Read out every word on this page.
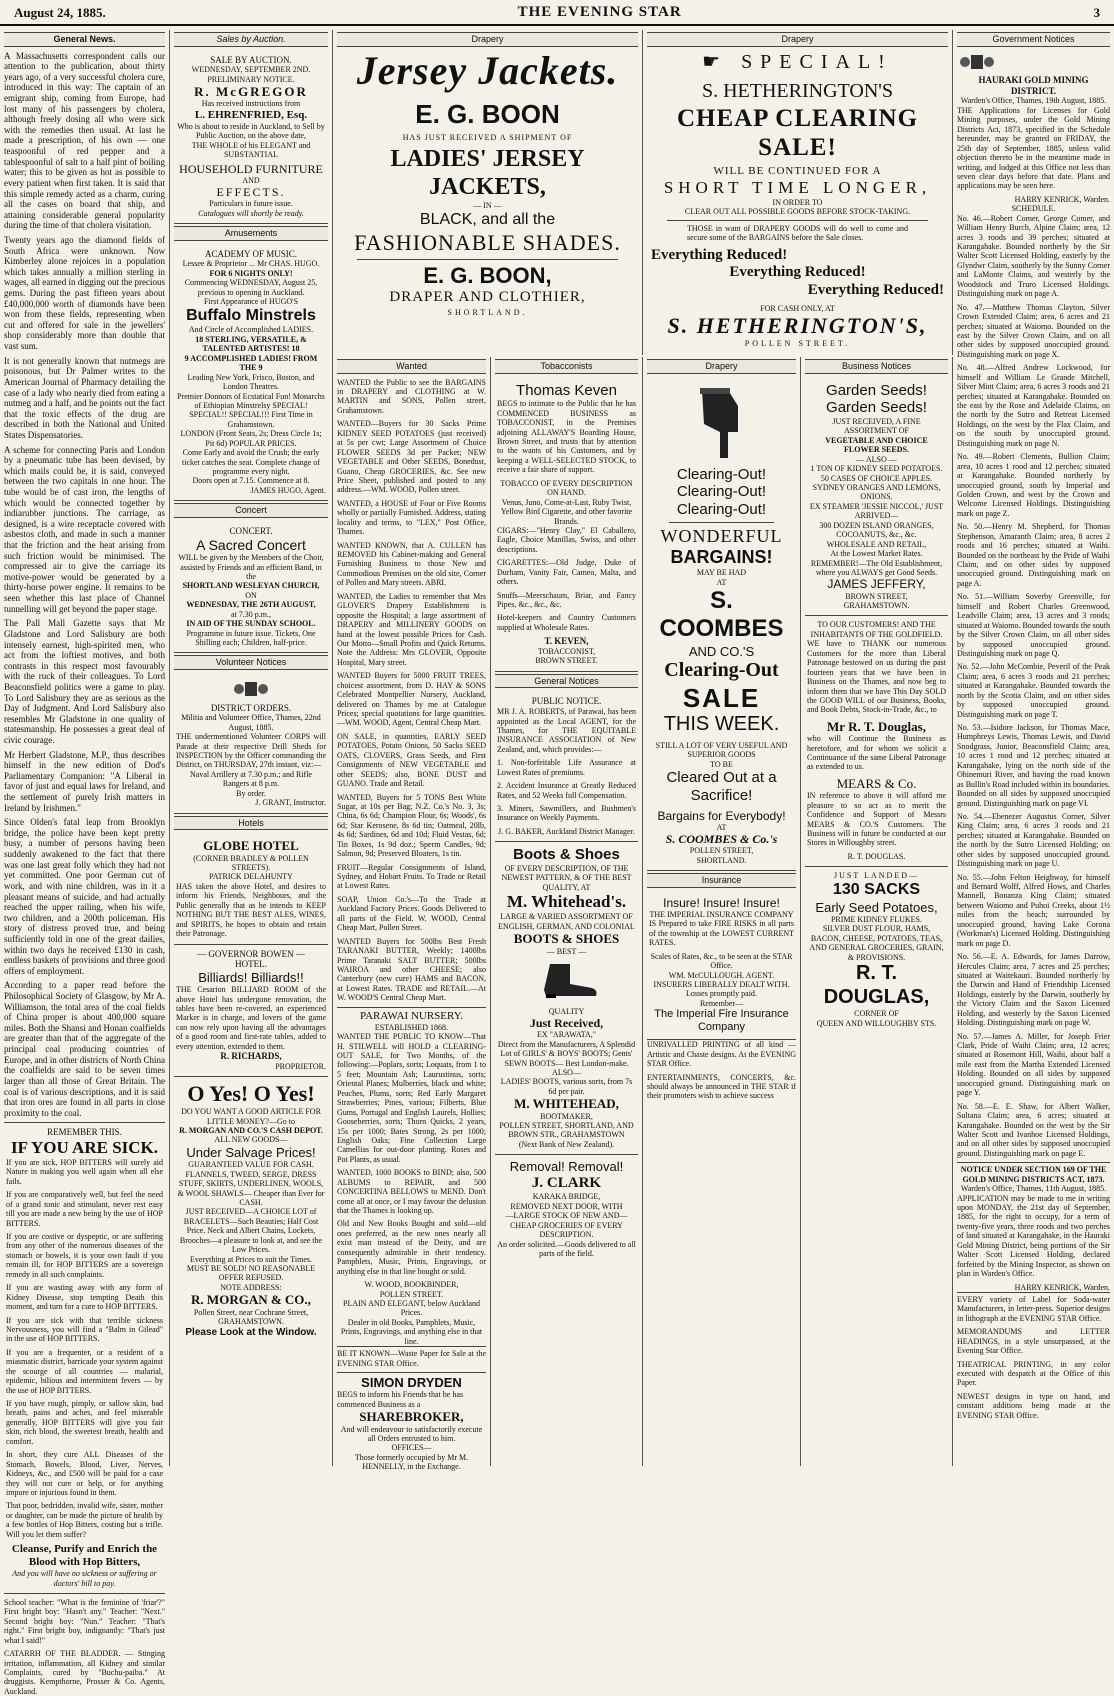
August 24, 1885.	THE EVENING STAR	3
General News.

A Massachusetts correspondent calls our attention to the publication, about thirty years ago, of a very successful cholera cure, introduced in this way: The captain of an emigrant ship, coming from Europe, had lost many of his passengers by cholera, although freely dosing all who were sick with the remedies then usual. At last he made a prescription, of his own — one teaspoonful of red pepper and a tablespoonful of salt to a half pint of boiling water; this to be given as hot as possible to every patient when first taken. It is said that this simple remedy acted as a charm, curing all the cases on board that ship, and attaining considerable general popularity during the time of that cholera visitation.

Twenty years ago the diamond fields of South Africa were unknown. Now Kimberley alone rejoices in a population which takes annually a million sterling in wages, all earned in digging out the precious gems. During the past fifteen years about £40,000,000 worth of diamonds have been won from these fields, representing when cut and offered for sale in the jewellers' shop considerably more than double that vast sum.

It is not generally known that nutmegs are poisonous, but Dr Palmer writes to the American Journal of Pharmacy detailing the case of a lady who nearly died from eating a nutmeg and a half, and he points out the fact that the toxic effects of the drug are described in both the National and United States Dispensatories.

A scheme for connecting Paris and London by a pneumatic tube has been devised, by which mails could be, it is said, conveyed between the two capitals in one hour. The tube would be of cast iron, the lengths of which would be connected together by indiarubber junctions. The carriage, as designed, is a wire receptacle covered with asbestos cloth, and made in such a manner that the friction and the heat arising from such friction would be minimised. The compressed air to give the carriage its motive-power would be generated by a thirty-horse power engine. It remains to be seen whether this last place of Channel tunnelling will get beyond the paper stage.

The Pall Mall Gazette says that Mr Gladstone and Lord Salisbury are both intensely earnest, high-spirited men, who act from the loftiest motives, and both contrasts in this respect most favourably with the ruck of their colleagues. To Lord Beaconsfield politics were a game to play. To Lord Salisbury they are as serious as the Day of Judgment. And Lord Salisbury also resembles Mr Gladstone in one quality of statesmanship. He possesses a great deal of civic courage.

Mr Herbert Gladstone, M.P., thus describes himself in the new edition of Dod's Parliamentary Companion: "A Liberal in favor of just and equal laws for Ireland, and the settlement of purely Irish matters in Ireland by Irishmen."

Since Olden's fatal leap from Brooklyn bridge, the police have been kept pretty busy, a number of persons having been suddenly awakened to the fact that there was one last great folly which they had not yet committed. One poor German cut of work, and with nine children, was in it a pleasant means of suicide, and had actually reached the upper railing, when his wife, two children, and a 200th policeman. His story of distress proved true, and being sufficiently told in one of the great dailies, within two days he received £130 in cash, endless baskets of provisions and three good offers of employment.

According to a paper read before the Philosophical Society of Glasgow, by Mr A. Williamson, the total area of the coal fields of China proper is about 400,000 square miles. Both the Shansi and Honan coalfields are greater than that of the aggregate of the principal coal producing countries of Europe, and in other districts of North China the coalfields are said to be seven times larger than all those of Great Britain. The coal is of various descriptions, and it is said that iron ores are found in all parts in close proximity to the coal.

REMEMBER THIS.
IF YOU ARE SICK.

If you are sick, HOP BITTERS will surely aid Nature in making you well again when all else fails.

If you are comparatively well, but feel the need of a grand tonic and stimulant, never rest easy till you are made a new being by the use of HOP BITTERS.

If you are costive or dyspeptic, or are suffering from any other of the numerous diseases of the stomach or bowels, it is your own fault if you remain ill, for HOP BITTERS are a sovereign remedy in all such complaints.

If you are wasting away with any form of Kidney Disease, stop tempting Death this moment, and turn for a cure to HOP BITTERS.

If you are sick with that terrible sickness Nervousness, you will find a "Balm in Gilead" in the use of HOP BITTERS.

If you are a frequenter, or a resident of a miasmatic district, barricade your system against the scourge of all countries — malarial, epidemic, bilious and intermittent fevers — by the use of HOP BITTERS.

If you have rough, pimply, or sallow skin, bad breath, pains and aches, and feel miserable generally, HOP BITTERS will give you fair skin, rich blood, the sweetest breath, health and comfort.

In short, they cure ALL Diseases of the Stomach, Bowels, Blood, Liver, Nerves, Kidneys, &c., and £500 will be paid for a case they will not cure or help, or for anything impure or injurious found in them.

That poor, bedridden, invalid wife, sister, mother or daughter, can be made the picture of health by a few bottles of Hop Bitters, costing but a trifle. Will you let them suffer?

Cleanse, Purify and Enrich the Blood with Hop Bitters,
And you will have no sickness or suffering or doctors' bill to pay.

School teacher: "What is the feminine of 'friar'?" First bright boy: "Hasn't any." Teacher: "Next." Second bright boy: "Nun." Teacher: "That's right." First bright boy, indignantly: "That's just what I said!"

CATARRH OF THE BLADDER. — Stinging irritation, inflammation, all Kidney and similar Complaints, cured by "Buchu-paiba." At druggists. Kempthorne, Prosser & Co. Agents, Auckland.

Sales by Auction.
SALE BY AUCTION.
WEDNESDAY, SEPTEMBER 2ND.
PRELIMINARY NOTICE.
R. McGREGOR
Has received instructions from
L. EHRENFRIED, Esq.
Who is about to reside in Auckland, to Sell by Public Auction, on the above date,
THE WHOLE of his ELEGANT and SUBSTANTIAL
HOUSEHOLD FURNITURE
AND
EFFECTS.
Particulars in future issue.
Catalogues will shortly be ready.
Amusements
ACADEMY OF MUSIC.
Lessee & Proprietor ... Mr CHAS. HUGO.
FOR 6 NIGHTS ONLY!
Commencing WEDNESDAY, August 25, previous to opening in Auckland.
First Appearance of HUGO'S
Buffalo Minstrels
And Circle of Accomplished LADIES.
18 STERLING, VERSATILE, & TALENTED ARTISTES! 18
9 ACCOMPLISHED LADIES! FROM THE 9
Leading New York, Frisco, Boston, and London Theatres.
Premier Donnors of Ecstatical Fun! Monarchs of Ethiopian Minstrelsy SPECIAL! SPECIAL!! SPECIAL!!! First Time in Grahamstown.
LONDON (Front Seats, 2s; Dress Circle 1s; Pit 6d) POPULAR PRICES.
Come Early and avoid the Crush; the early ticket catches the seat. Complete change of programme every night.
Doors open at 7.15. Commence at 8.
JAMES HUGO, Agent.
Concert
CONCERT.
A Sacred Concert
WILL be given by the Members of the Choir, assisted by Friends and an efficient Band, in the
SHORTLAND WESLEYAN CHURCH,
ON
WEDNESDAY, THE 26TH AUGUST,
at 7.30 p.m.,
IN AID OF THE SUNDAY SCHOOL.
Programme in future issue. Tickets, One Shilling each; Children, half-price.
Volunteer Notices
DISTRICT ORDERS.
Militia and Volunteer Office, Thames, 22nd August, 1885.
THE undermentioned Volunteer CORPS will Parade at their respective Drill Sheds for INSPECTION by the Officer commanding the District, on THURSDAY, 27th instant, viz:—
Naval Artillery at 7.30 p.m.; and Rifle Rangers at 8 p.m.
By order.
J. GRANT, Instructor.
Hotels
GLOBE HOTEL
(CORNER BRADLEY & POLLEN STREETS).
PATRICK DELAHUNTY
HAS taken the above Hotel, and desires to inform his Friends, Neighbours, and the Public generally that as he intends to KEEP NOTHING BUT THE BEST ALES, WINES, and SPIRITS, he hopes to obtain and retain their Patronage.
— GOVERNOR BOWEN —
HOTEL.
Billiards! Billiards!!
THE Cesarion BILLIARD ROOM of the above Hotel has undergone renovation, the tables have been re-covered, an experienced Marker is in charge, and lovers of the game can now rely upon having all the advantages of a good room and first-rate tables, added to every attention, extended to them.
R. RICHARDS,
PROPRIETOR.
O Yes! O Yes!
DO YOU WANT A GOOD ARTICLE FOR LITTLE MONEY?—Go to
R. MORGAN AND CO.'S CASH DEPOT.
ALL NEW GOODS—
Under Salvage Prices!
GUARANTEED VALUE FOR CASH.
FLANNELS, TWEED, SERGE, DRESS STUFF, SKIRTS, UNDERLINEN, WOOLS, & WOOL SHAWLS— Cheaper than Ever for CASH.
JUST RECEIVED—A CHOICE LOT of BRACELETS—Such Beauties; Half Cost Price. Neck and Albert Chains, Lockets, Brooches—a pleasure to look at, and see the Low Prices.
Everything at Prices to suit the Times.
MUST BE SOLD! NO REASONABLE OFFER REFUSED.
NOTE ADDRESS:
R. MORGAN & CO.,
Pollen Street, near Cochrane Street, GRAHAMSTOWN.
Please Look at the Window.
Drapery
Jersey Jackets.
E. G. BOON
HAS JUST RECEIVED A SHIPMENT OF
LADIES' JERSEY JACKETS,
— IN —
BLACK, and all the
FASHIONABLE SHADES.
E. G. BOON,
DRAPER AND CLOTHIER,
SHORTLAND.
Wanted

WANTED the Public to see the BARGAINS in DRAPERY and CLOTHING at W. MARTIN and SONS, Pollen street, Grahamstown.

WANTED—Buyers for 30 Sacks Prime KIDNEY SEED POTATOES (just received) at 5s per cwt; Large Assortment of Choice FLOWER SEEDS 3d per Packet; NEW VEGETABLE and Other SEEDS, Bonedust, Guano, Cheap GROCERIES, &c. See new Price Sheet, published and posted to any address.—WM. WOOD, Pollen street.

WANTED, a HOUSE of Four or Five Rooms wholly or partially Furnished. Address, stating locality and terms, to "LEX," Post Office, Thames.

WANTED KNOWN, that A. CULLEN has REMOVED his Cabinet-making and General Furnishing Business to those New and Commodious Premises on the old site, Corner of Pollen and Mary streets. ABRI.

WANTED, the Ladies to remember that Mrs GLOVER'S Drapery Establishment is opposite the Hospital; a large assortment of DRAPERY and MILLINERY GOODS on hand at the lowest possible Prices for Cash. Our Motto—Small Profits and Quick Returns. Note the Address: Mrs GLOVER, Opposite Hospital, Mary street.

WANTED Buyers for 5000 FRUIT TREES, choicest assortment, from D. HAY & SONS Celebrated Montpellier Nursery, Auckland, delivered on Thames by me at Catalogue Prices; special quotations for large quantities.—WM. WOOD, Agent, Central Cheap Mart.

ON SALE, in quantities, EARLY SEED POTATOES, Potato Onions, 50 Sacks SEED OATS, CLOVERS, Grass Seeds, and First Consignments of NEW VEGETABLE and other SEEDS; also, BONE DUST and GUANO. Trade and Retail.

WANTED, Buyers for 5 TONS Best White Sugar, at 10s per Bag; N.Z. Co.'s No. 3, 3s; China, 6s 6d; Champion Flour, 6s; Woods', 6s 6d; Star Kerosene, 8s 6d tin; Oatmeal, 20lb, 4s 6d; Sardines, 6d and 10d; Fluid Vestas, 6d; Tin Boxes, 1s 9d doz.; Sperm Candles, 9d; Salmon, 9d; Preserved Bloaters, 1s tin.

FRUIT—Regular Consignments of Island, Sydney, and Hobart Fruits. To Trade or Retail at Lowest Rates.

SOAP, Union Co.'s—To the Trade at Auckland Factory Prices. Goods Delivered to all parts of the Field. W. WOOD, Central Cheap Mart, Pollen Street.

WANTED Buyers for 500lbs Best Fresh TARANAKI BUTTER, Weekly; 1400lbs Prime Taranaki SALT BUTTER; 500lbs WAIROA and other CHEESE; also Canterbury (new cure) HAMS and BACON, at Lowest Rates. TRADE and RETAIL.—At W. WOOD'S Central Cheap Mart.

PARAWAI NURSERY.
ESTABLISHED 1868.

WANTED THE PUBLIC TO KNOW—That H. STILWELL will HOLD a CLEARING-OUT SALE, for Two Months, of the following:—Poplars, sorts; Loquats, from 1 to 5 feet; Mountain Ash; Laurustinus, sorts; Oriental Planes; Mulberries, black and white; Peaches, Plums, sorts; Red Early Margaret Strawberries; Pines, various; Filberts, Blue Gums, Portugal and English Laurels, Hollies; Gooseberries, sorts; Thorn Quicks, 2 years, 15s per 1000; Bates Strong, 2s per 1000; English Oaks; Fine Collection Large Camellias for out-door planting. Roses and Pot Plants, as usual.

WANTED, 1000 BOOKS to BIND; also, 500 ALBUMS to REPAIR, and 500 CONCERTINA BELLOWS to MEND. Don't come all at once, or I may favour the delusion that the Thames is looking up.

Old and New Books Bought and sold—old ones preferred, as the new ones nearly all exist man instead of the Deity, and are consequently admirable in their tendency. Pamphlets, Music, Prints, Engravings, or anything else in that line bought or sold.

W. WOOD, BOOKBINDER,
POLLEN STREET.
PLAIN AND ELEGANT, below Auckland Prices.
Dealer in old Books, Pamphlets, Music, Prints, Engravings, and anything else in that line.

BE IT KNOWN—Waste Paper for Sale at the EVENING STAR Office.

SIMON DRYDEN
BEGS to inform his Friends that he has commenced Business as a
SHAREBROKER,
And will endeavour to satisfactorily execute all Orders entrusted to him.
OFFICES—
Those formerly occupied by Mr M. HENNELLY, in the Exchange.
Tobacconists
Thomas Keven

BEGS to intimate to the Public that he has COMMENCED BUSINESS as TOBACCONIST, in the Premises adjoining ALLAWAY'S Boarding House, Brown Street, and trusts that by attention to the wants of his Customers, and by keeping a WELL-SELECTED STOCK, to receive a fair share of support.

TOBACCO OF EVERY DESCRIPTION ON HAND.
Venus, Juno, Come-at-Last, Ruby Twist, Yellow Bird Cigarette, and other favorite Brands.

CIGARS:—"Henry Clay," El Caballero, Eagle, Choice Manillas, Swiss, and other descriptions.

CIGARETTES:—Old Judge, Duke of Durham, Vanity Fair, Cameo, Malta, and others.

Snuffs—Meerschaum, Briar, and Fancy Pipes, &c., &c., &c.

Hotel-keepers and Country Customers supplied at Wholesale Rates.

T. KEVEN,
TOBACCONIST,
BROWN STREET.
General Notices
PUBLIC NOTICE.

MR J. A. ROBERTS, of Parawai, has been appointed as the Local AGENT, for the Thames, for THE EQUITABLE INSURANCE ASSOCIATION of New Zealand, and, which provides:—

1. Non-forfeitable Life Assurance at Lowest Rates of premiums.

2. Accident Insurance at Greatly Reduced Rates, and 52 Weeks full Compensation.

3. Miners, Sawmillers, and Bushmen's Insurance on Weekly Payments.

J. G. BAKER, Auckland District Manager.
Boots & Shoes
OF EVERY DESCRIPTION, OF THE NEWEST PATTERN, & OF THE BEST QUALITY, AT
M. Whitehead's.
LARGE & VARIED ASSORTMENT OF ENGLISH, GERMAN, AND COLONIAL
BOOTS & SHOES
— BEST —
QUALITY
Just Received,
EX "ARAWATA,"
Direct from the Manufacturers, A Splendid Lot of GIRLS' & BOYS' BOOTS; Gents' SEWN BOOTS— Best London-make.
ALSO—
LADIES' BOOTS, various sorts, from 7s 6d per pair.
M. WHITEHEAD,
BOOTMAKER,
POLLEN STREET, SHORTLAND, AND BROWN STR., GRAHAMSTOWN
(Next Bank of New Zealand).
Removal! Removal!
J. CLARK
KARAKA BRIDGE,
REMOVED NEXT DOOR, WITH
—LARGE STOCK OF NEW AND— CHEAP GROCERIES OF EVERY DESCRIPTION.
An order solicited.—Goods delivered to all parts of the field.
Drapery
☛ SPECIAL!
S. HETHERINGTON'S
CHEAP CLEARING SALE!
WILL BE CONTINUED FOR A
SHORT TIME LONGER,
IN ORDER TO
CLEAR OUT ALL POSSIBLE GOODS BEFORE STOCK-TAKING.
THOSE in want of DRAPERY GOODS will do well to come and secure some of the BARGAINS before the Sale closes.
Everything Reduced!
Everything Reduced!
Everything Reduced!
FOR CASH ONLY, AT
S. HETHERINGTON'S,
POLLEN STREET.
Drapery
Clearing-Out!
Clearing-Out!
Clearing-Out!
WONDERFUL
BARGAINS!
MAY BE HAD
AT
S. COOMBES
AND CO.'S
Clearing-Out
SALE
THIS WEEK.
STILL A LOT OF VERY USEFUL AND SUPERIOR GOODS
TO BE
Cleared Out at a Sacrifice!
Bargains for Everybody!
AT
S. COOMBES & Co.'s
POLLEN STREET,
SHORTLAND.
Insurance
Insure! Insure! Insure!
THE IMPERIAL INSURANCE COMPANY

IS Prepared to take FIRE RISKS in all parts of the township at the LOWEST CURRENT RATES.

Scales of Rates, &c., to be seen at the STAR Office.
WM. McCULLOUGH. AGENT.
INSURERS LIBERALLY DEALT WITH. Losses promptly paid.
Remember—
The Imperial Fire Insurance Company

UNRIVALLED PRINTING of all kind — Artistic and Chaste designs. At the EVENING STAR Office.

ENTERTAINMENTS, CONCERTS, &c. should always be announced in THE STAR if their promoters wish to achieve success

Business Notices
Garden Seeds!
Garden Seeds!
JUST RECEIVED, A FINE ASSORTMENT OF
VEGETABLE AND CHOICE FLOWER SEEDS.
— ALSO —
1 TON OF KIDNEY SEED POTATOES.
50 CASES OF CHOICE APPLES.
SYDNEY ORANGES AND LEMONS, ONIONS.
EX STEAMER 'JESSIE NICCOL,' JUST ARRIVED—
300 DOZEN ISLAND ORANGES, COCOANUTS, &c., &c.
WHOLESALE AND RETAIL,
At the Lowest Market Rates.
REMEMBER!—The Old Establishment, where you ALWAYS get Good Seeds.
JAMES JEFFERY,
BROWN STREET,
GRAHAMSTOWN.
TO OUR CUSTOMERS! AND THE INHABITANTS OF THE GOLDFIELD.

WE have to THANK our numerous Customers for the more than Liberal Patronage bestowed on us during the past fourteen years that we have been in Business on the Thames, and now beg to inform them that we have This Day SOLD the GOOD WILL of our Business, Books, and Book Debts, Stock-in-Trade, &c., to

Mr R. T. Douglas,

who will Continue the Business as heretofore, and for whom we solicit a Continuance of the same Liberal Patronage as extended to us.

MEARS & Co.

IN reference to above it will afford me pleasure to so act as to merit the Confidence and Support of Messrs MEARS & CO.'S Customers. The Business will in future be conducted at our Stores in Willoughby street.

R. T. DOUGLAS.
JUST LANDED—
130 SACKS
Early Seed Potatoes,
PRIME KIDNEY FLUKES.
SILVER DUST FLOUR, HAMS, BACON, CHEESE, POTATOES, TEAS,
AND GENERAL GROCERIES, GRAIN, & PROVISIONS.
R. T. DOUGLAS,
CORNER OF
QUEEN AND WILLOUGHBY STS.
Government Notices
HAURAKI GOLD MINING DISTRICT.
Warden's Office, Thames, 19th August, 1885.

THE Applications for Licenses for Gold Mining purposes, under the Gold Mining Districts Act, 1873, specified in the Schedule hereunder, may be granted on FRIDAY, the 25th day of September, 1885, unless valid objection thereto be in the meantime made in writing, and lodged at this Office not less than seven clear days before that date. Plans and applications may be seen here.

HARRY KENRICK, Warden.
SCHEDULE.

No. 46.—Robert Comer, George Comer, and William Henry Burch, Alpine Claim; area, 12 acres 3 roods and 39 perches; situated at Karangahake. Bounded northerly by the Sir Walter Scott Licensed Holding, easterly by the Glyndwr Claim, southerly by the Sunny Corner and LaMonte Claims, and westerly by the Woodstock and Truro Licensed Holdings. Distinguishing mark on page A.

No. 47.—Matthew Thomas Clayton, Silver Crown Extended Claim; area, 6 acres and 21 perches; situated at Waiomo. Bounded on the east by the Silver Crown Claim, and on all other sides by supposed unoccupied ground. Distinguishing mark on page X.

No. 48.—Alfred Andrew Lockwood, for himself and William Le Grande Mitchell, Silver Mint Claim; area, 6 acres 3 roods and 21 perches; situated at Karangahake. Bounded on the east by the Rose and Adelaide Claims, on the north by the Sutro and Retreat Licensed Holdings, on the west by the Flax Claim, and on the south by unoccupied ground. Distinguishing mark on page N.

No. 49.—Robert Clements, Bullion Claim; area, 10 acres 1 rood and 12 perches; situated at Karangahake. Bounded northerly by unoccupied ground, south by Imperial and Golden Crown, and west by the Crown and Welcome Licensed Holdings. Distinguishing mark on page Z.

No. 50.—Henry M. Shepherd, for Thomas Stephenson, Amaranth Claim; area, 8 acres 2 roods and 16 perches; situated at Waihi. Bounded on the northeast by the Pride of Waihi Claim, and on other sides by supposed unoccupied ground. Distinguishing mark on page A.

No. 51.—William Soverby Greenville, for himself and Robert Charles Greenwood, Leadville Claim; area, 13 acres and 3 roods; situated at Waiomo. Bounded towards the south by the Silver Crown Claim, on all other sides by supposed unoccupied ground. Distinguishing mark on page Q.

No. 52.—John McCombie, Peveril of the Peak Claim; area, 6 acres 3 roods and 21 perches; situated at Karangahake. Bounded towards the north by the Scotia Claim, and on other sides by supposed unoccupied ground. Distinguishing mark on page T.

No. 53.—Isidore Jackson, for Thomas Mace, Humphreys Lewis, Thomas Lewis, and David Snodgrass, Junior, Beaconsfield Claim; area, 10 acres 1 rood and 12 perches; situated at Karangahake, lying on the north side of the Ohinemuri River, and having the road known as Bullin's Road included within its boundaries. Bounded on all sides by supposed unoccupied ground. Distinguishing mark on page VI.

No. 54.—Ebenezer Augustus Corner, Silver King Claim; area, 6 acres 3 roods and 21 perches; situated at Karangahake. Bounded on the north by the Sutro Licensed Holding; on other sides by supposed unoccupied ground. Distinguishing mark on page U.

No. 55.—John Felton Heighway, for himself and Bernard Wolff, Alfred Hows, and Charles Mannell, Bonanza King Claim; situated between Waiomo and Puhoi Creeks, about 1½ miles from the beach; surrounded by unoccupied ground, having Lake Corona (Workman's) Licensed Holding. Distinguishing mark on page D.

No. 56.—E. A. Edwards, for James Darrow, Hercules Claim; area, 7 acres and 25 perches; situated at Waitekauri. Bounded northerly by the Darwin and Hand of Friendship Licensed Holdings, easterly by the Darwin, southerly by the Victory Claim and the Saxon Licensed Holding, and westerly by the Saxon Licensed Holding. Distinguishing mark on page W.

No. 57.—James A. Miller, for Joseph Frier Clark, Pride of Waihi Claim; area, 12 acres; situated at Rosemont Hill, Waihi, about half a mile east from the Martha Extended Licensed Holding. Bounded on all sides by supposed unoccupied ground. Distinguishing mark on page Y.

No. 58.—E. E. Shaw, for Albert Walker, Sultana Claim; area, 6 acres; situated at Karangahake. Bounded on the west by the Sir Walter Scott and Ivanhoe Licensed Holdings, and on all other sides by supposed unoccupied ground. Distinguishing mark on page E.

NOTICE UNDER SECTION 169 OF THE GOLD MINING DISTRICTS ACT, 1873.
Warden's Office, Thames, 11th August, 1885.

APPLICATION may be made to me in writing upon MONDAY, the 21st day of September, 1885, for the right to occupy, for a term of twenty-five years, three roods and two perches of land situated at Karangahake, in the Hauraki Gold Mining District, being portions of the Sir Walter Scott Licensed Holding, declared forfeited by the Mining Inspector, as shown on plan in Warden's Office.

HARRY KENRICK, Warden.

EVERY variety of Label for Soda-water Manufacturers, in letter-press. Superior designs in lithograph at the EVENING STAR Office.

MEMORANDUMS and LETTER HEADINGS, in a style unsurpassed, at the Evening Star Office.

THEATRICAL PRINTING, in any color executed with despatch at the Office of this Paper.

NEWEST designs in type on hand, and constant additions being made at the EVENING STAR Office.
